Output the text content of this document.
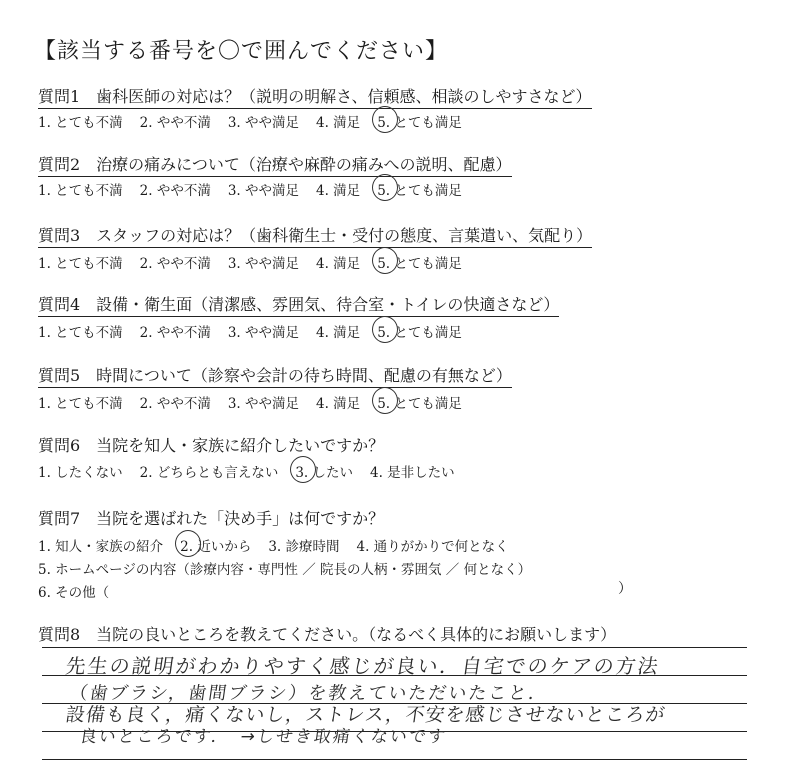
【該当する番号を〇で囲んでください】
質問1　歯科医師の対応は？（説明の明解さ、信頼感、相談のしやすさなど）
1. とても不満 2. やや不満 3. やや満足 4. 満足 5. とても満足
質問2　治療の痛みについて（治療や麻酔の痛みへの説明、配慮）
1. とても不満 2. やや不満 3. やや満足 4. 満足 5. とても満足
質問3　スタッフの対応は？（歯科衛生士・受付の態度、言葉遣い、気配り）
1. とても不満 2. やや不満 3. やや満足 4. 満足 5. とても満足
質問4　設備・衛生面（清潔感、雰囲気、待合室・トイレの快適さなど）
1. とても不満 2. やや不満 3. やや満足 4. 満足 5. とても満足
質問5　時間について（診察や会計の待ち時間、配慮の有無など）
1. とても不満 2. やや不満 3. やや満足 4. 満足 5. とても満足
質問6　当院を知人・家族に紹介したいですか？
1. したくない 2. どちらとも言えない 3. したい 4. 是非したい
質問7　当院を選ばれた「決め手」は何ですか？
1. 知人・家族の紹介 2. 近いから 3. 診療時間 4. 通りがかりで何となく
5. ホームページの内容（診療内容・専門性 ／ 院長の人柄・雰囲気 ／ 何となく）
6. その他（	）
質問8　当院の良いところを教えてください。（なるべく具体的にお願いします）
先生の説明がわかりやすく感じが良い．自宅でのケアの方法
（歯ブラシ，歯間ブラシ）を教えていただいたこと．
設備も良く，痛くないし，ストレス，不安を感じさせないところが
良いところです．　→しせき取痛くないです
